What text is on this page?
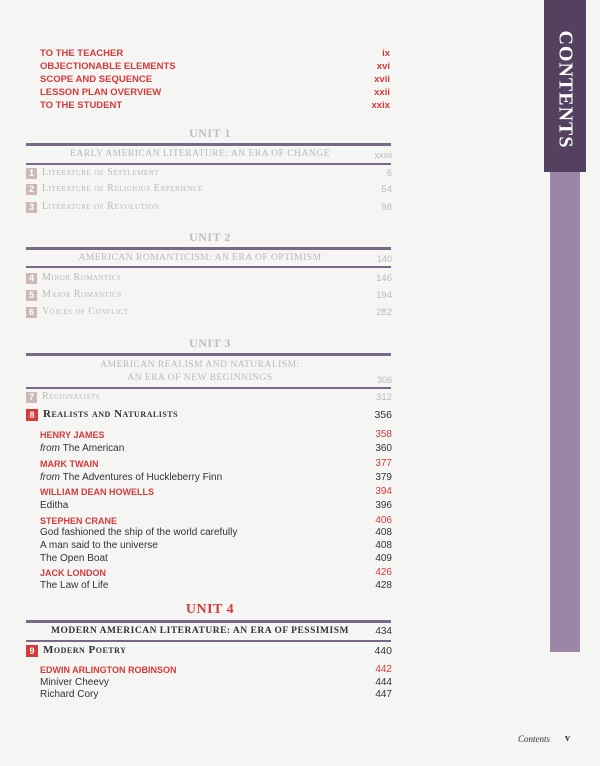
CONTENTS
TO THE TEACHER	ix
OBJECTIONABLE ELEMENTS	xvi
SCOPE AND SEQUENCE	xvii
LESSON PLAN OVERVIEW	xxii
TO THE STUDENT	xxix
UNIT 1
EARLY AMERICAN LITERATURE: AN ERA OF CHANGE	xxxii
1 Literature of Settlement	6
2 Literature of Religious Experience	54
3 Literature of Revolution	98
UNIT 2
AMERICAN ROMANTICISM: AN ERA OF OPTIMISM	140
4 Minor Romantics	146
5 Major Romantics	194
6 Voices of Conflict	282
UNIT 3
AMERICAN REALISM AND NATURALISM:
AN ERA OF NEW BEGINNINGS	306
7 Regionalists	312
8 Realists and Naturalists	356
HENRY JAMES	358
from The American	360
MARK TWAIN	377
from The Adventures of Huckleberry Finn	379
WILLIAM DEAN HOWELLS	394
Editha	396
STEPHEN CRANE	406
God fashioned the ship of the world carefully	408
A man said to the universe	408
The Open Boat	409
JACK LONDON	426
The Law of Life	428
UNIT 4
MODERN AMERICAN LITERATURE: AN ERA OF PESSIMISM	434
9 Modern Poetry	440
EDWIN ARLINGTON ROBINSON	442
Miniver Cheevy	444
Richard Cory	447
Contents v
